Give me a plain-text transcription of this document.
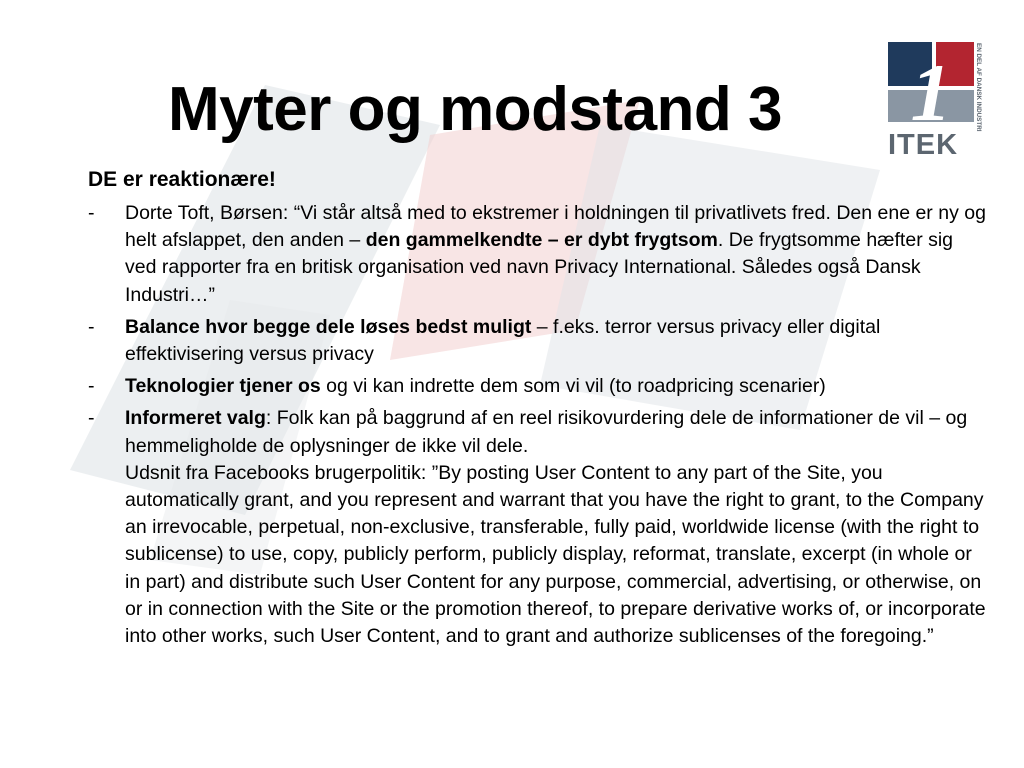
Myter og modstand 3 1
ITEK
EN DEL AF DANSK INDUSTRI

DE er reaktionære!

- Dorte Toft, Børsen: “Vi står altså med to ekstremer i holdningen til privatlivets fred. Den ene er ny og helt afslappet, den anden – den gammelkendte – er dybt frygtsom. De frygtsomme hæfter sig ved rapporter fra en britisk organisation ved navn Privacy International. Således også Dansk Industri…”
- Balance hvor begge dele løses bedst muligt – f.eks. terror versus privacy eller digital effektivisering versus privacy
- Teknologier tjener os og vi kan indrette dem som vi vil (to roadpricing scenarier)
- Informeret valg: Folk kan på baggrund af en reel risikovurdering dele de informationer de vil – og hemmeligholde de oplysninger de ikke vil dele.
Udsnit fra Facebooks brugerpolitik: ”By posting User Content to any part of the Site, you automatically grant, and you represent and warrant that you have the right to grant, to the Company an irrevocable, perpetual, non-exclusive, transferable, fully paid, worldwide license (with the right to sublicense) to use, copy, publicly perform, publicly display, reformat, translate, excerpt (in whole or in part) and distribute such User Content for any purpose, commercial, advertising, or otherwise, on or in connection with the Site or the promotion thereof, to prepare derivative works of, or incorporate into other works, such User Content, and to grant and authorize sublicenses of the foregoing.”
